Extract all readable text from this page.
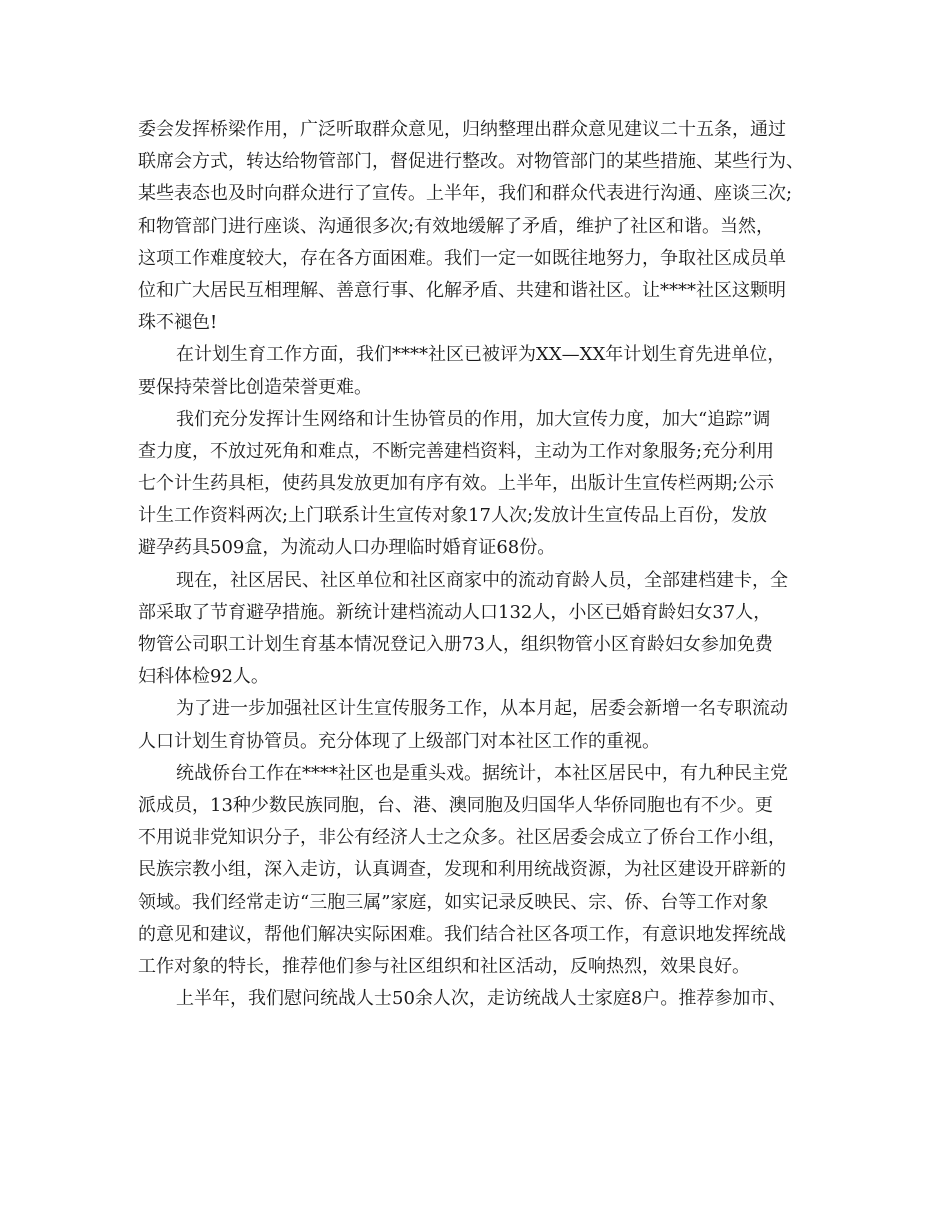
委会发挥桥梁作用，广泛听取群众意见，归纳整理出群众意见建议二十五条，通过
联席会方式，转达给物管部门，督促进行整改。对物管部门的某些措施、某些行为、
某些表态也及时向群众进行了宣传。上半年，我们和群众代表进行沟通、座谈三次;
和物管部门进行座谈、沟通很多次;有效地缓解了矛盾，维护了社区和谐。当然，
这项工作难度较大，存在各方面困难。我们一定一如既往地努力，争取社区成员单
位和广大居民互相理解、善意行事、化解矛盾、共建和谐社区。让****社区这颗明
珠不褪色!
在计划生育工作方面，我们****社区已被评为XX—XX年计划生育先进单位，
要保持荣誉比创造荣誉更难。
我们充分发挥计生网络和计生协管员的作用，加大宣传力度，加大“追踪”调
查力度，不放过死角和难点，不断完善建档资料，主动为工作对象服务;充分利用
七个计生药具柜，使药具发放更加有序有效。上半年，出版计生宣传栏两期;公示
计生工作资料两次;上门联系计生宣传对象17人次;发放计生宣传品上百份，发放
避孕药具509盒，为流动人口办理临时婚育证68份。
现在，社区居民、社区单位和社区商家中的流动育龄人员，全部建档建卡，全
部采取了节育避孕措施。新统计建档流动人口132人，小区已婚育龄妇女37人，
物管公司职工计划生育基本情况登记入册73人，组织物管小区育龄妇女参加免费
妇科体检92人。
为了进一步加强社区计生宣传服务工作，从本月起，居委会新增一名专职流动
人口计划生育协管员。充分体现了上级部门对本社区工作的重视。
统战侨台工作在****社区也是重头戏。据统计，本社区居民中，有九种民主党
派成员，13种少数民族同胞，台、港、澳同胞及归国华人华侨同胞也有不少。更
不用说非党知识分子，非公有经济人士之众多。社区居委会成立了侨台工作小组，
民族宗教小组，深入走访，认真调查，发现和利用统战资源，为社区建设开辟新的
领域。我们经常走访“三胞三属”家庭，如实记录反映民、宗、侨、台等工作对象
的意见和建议，帮他们解决实际困难。我们结合社区各项工作，有意识地发挥统战
工作对象的特长，推荐他们参与社区组织和社区活动，反响热烈，效果良好。
上半年，我们慰问统战人士50余人次，走访统战人士家庭8户。推荐参加市、
